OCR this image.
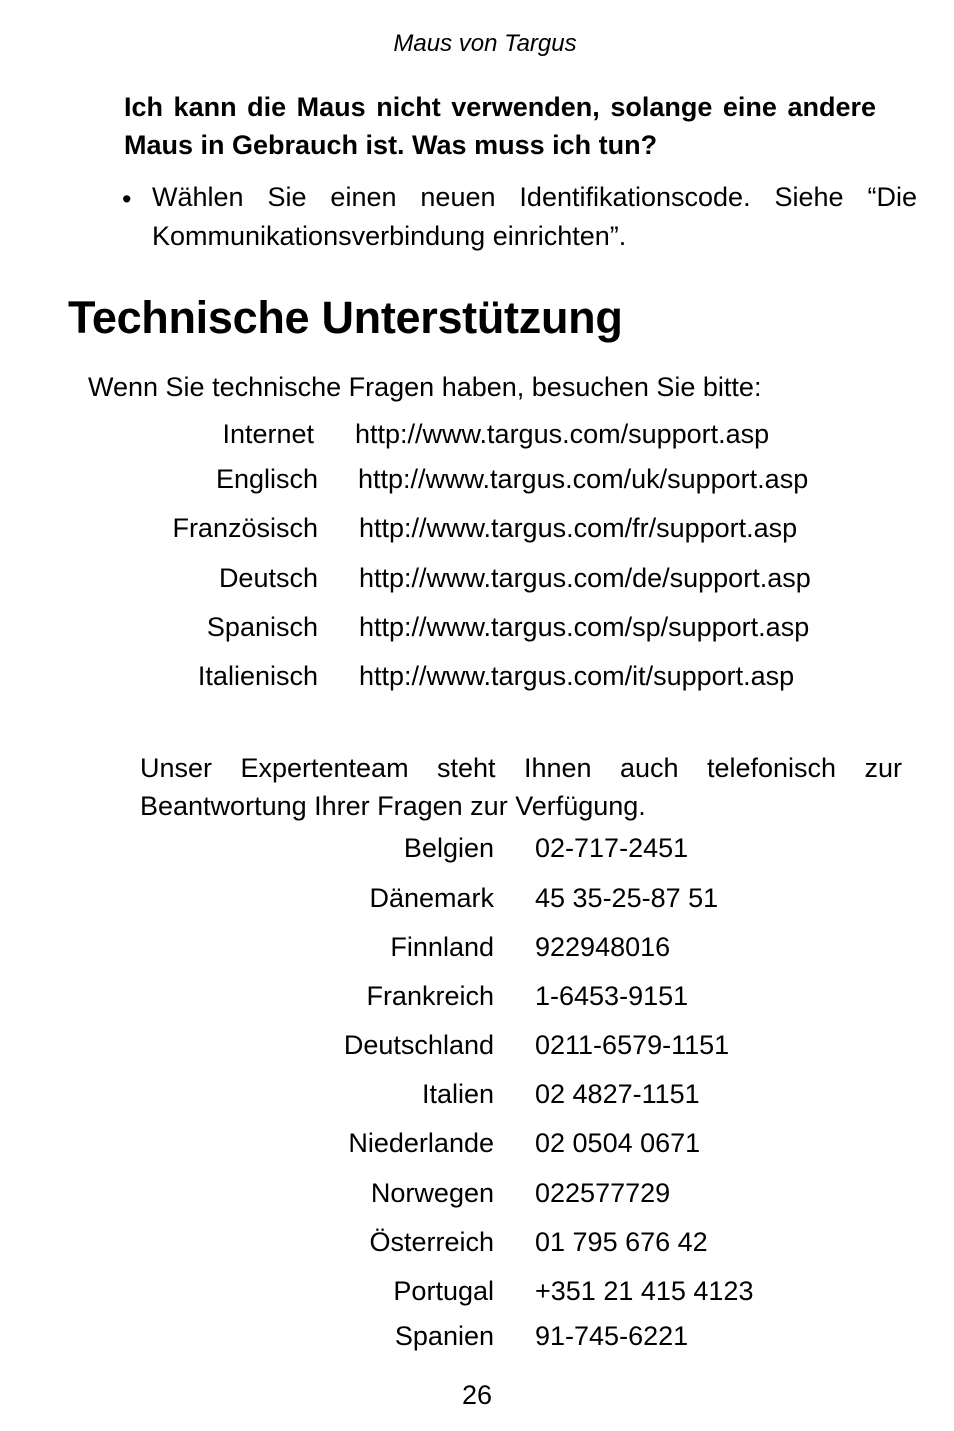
Maus von Targus
Ich kann die Maus nicht verwenden, solange eine andere Maus in Gebrauch ist. Was muss ich tun?
• Wählen Sie einen neuen Identifikationscode. Siehe “Die Kommunikationsverbindung einrichten”.
Technische Unterstützung
Wenn Sie technische Fragen haben, besuchen Sie bitte:
Internet http://www.targus.com/support.asp
Englisch http://www.targus.com/uk/support.asp
Französisch http://www.targus.com/fr/support.asp
Deutsch http://www.targus.com/de/support.asp
Spanisch http://www.targus.com/sp/support.asp
Italienisch http://www.targus.com/it/support.asp
Unser Expertenteam steht Ihnen auch telefonisch zur Beantwortung Ihrer Fragen zur Verfügung.
Belgien 02-717-2451
Dänemark 45 35-25-87 51
Finnland 922948016
Frankreich 1-6453-9151
Deutschland 0211-6579-1151
Italien 02 4827-1151
Niederlande 02 0504 0671
Norwegen 022577729
Österreich 01 795 676 42
Portugal +351 21 415 4123
Spanien 91-745-6221
26
